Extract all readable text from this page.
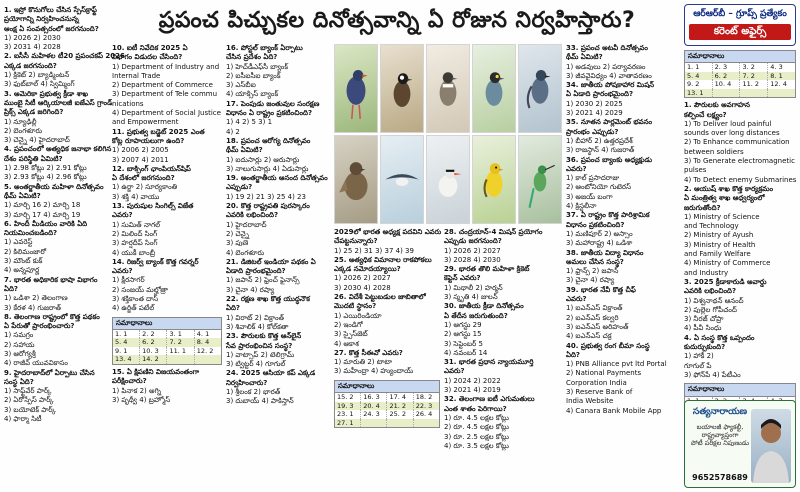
ప్రపంచ పిచ్చుకల దినోత్సవాన్ని ఏ రోజున నిర్వహిస్తారు?	ఆర్‌ఆర్‌బీ – గ్రూప్స్ ప్రత్యేకం
కరెంట్ అఫైర్స్

1. ఇస్రో కొనుగోలు చేసిన స్పేస్‌క్రాఫ్ట్

ప్రయోగాన్ని నిర్వహించనున్న

ఆంక్ష ఏ సంవత్సరంలో జరగనుంది?

1) 2026 2) 2030

3) 2031 4) 2028

2. ఐసీసీ మహిళల టీ20 ప్రపంచకప్ 2026

ఎక్కడ జరగనుంది?

1) క్రికెట్ 2) బ్యాడ్మింటన్

3) ఫుట్‌బాల్ 4) స్విమ్మింగ్

3. అమెరికా ప్రభుత్వ క్రీడా శాఖ

ముంబై సిటీ ఆర్కియాలజీ ఐజేఎస్ గ్రాండ్

ప్రిక్స్ ఎక్కడ జరిగింది?

1) న్యూఢిల్లీ

2) బెంగళూరు

3) చెన్నై 4) హైదరాబాద్

4. ప్రపంచంలో అత్యధిక జనాభా కలిగిన

దేశం పరిస్థితి ఏమిటి?

1) 2.98 కోట్లు 2) 2.91 కోట్లు

3) 2.93 కోట్లు 4) 2.96 కోట్లు

5. అంతర్జాతీయ మహిళా దినోత్సవం

థీమ్ ఏమిటి?

1) మార్చి 16 2) మార్చి 18

3) మార్చి 17 4) మార్చి 19

6. హిందీ మీడియం వారికి ఏది

నియమించబడింది?

1) ఎవరెస్ట్

2) కిలిమంజారో

3) మౌంట్ కుక్

4) అన్నపూర్ణ

7. భారత అధికారిక భాషా విభాగం

ఏది?

1) ఒడిశా 2) తెలంగాణ

3) కేరళ 4) గుజరాత్

8. తెలంగాణ రాష్ట్రంలో కొత్త పథకం

ఏ పేరుతో ప్రారంభించారు?

1) సమగ్రం

2) సహాయ

3) ఆరోగ్యశ్రీ

4) రాజీవ్ యువవికాసం

9. హైదరాబాద్‌లో ఏర్పాటు చేసిన

సంస్థ ఏది?

1) సాఫ్ట్‌వేర్ పార్క్

2) ఏరోస్పేస్ పార్క్

3) బయోటెక్ పార్క్

4) ఫార్మా సిటీ

10. ఐటీ నివేదిక 2025 ఏ

విభాగం విడుదల చేసింది?

1) Department of Industry and

Internal Trade

2) Department of Commerce

3) Department of Tele commu

nications

4) Department of Social Justice

and Empowerment

11. ప్రభుత్వ బడ్జెట్ 2025 ఎంత

కోట్ల రూపాయలుగా ఉంది?

1) 2006 2) 2005

3) 2007 4) 2011

12. బాక్సింగ్ ఛాంపియన్‌షిప్

ఏ దేశంలో జరగనుంది?

1) ఉర్జా 2) సూర్యకాంతి

3) శక్తి 4) వాయు

13. పురుషుల సింగిల్స్ విజేత

ఎవరు?

1) సుమిత్ నాగల్

2) మిలింద్ సింగ్

3) హర్షదీప్ సింగ్

4) యుకీ బాంబ్రీ

14. రిజర్వ్ బ్యాంక్ కొత్త గవర్నర్

ఎవరు?

1) క్షీరసాగర్

2) సంజయ్ మల్హోత్రా

3) శక్తికాంత దాస్

4) ఉర్జిత్ పటేల్

సమాధానాలు
1. 1	2. 2	3. 1	4. 1
5. 4	6. 2	7. 2	8. 4
9. 1	10. 3	11. 1	12. 2
13. 4	14. 2		

15. ఏ క్షిపణిని విజయవంతంగా

పరీక్షించారు?

1) పినాక 2) అగ్ని

3) పృథ్వీ 4) బ్రహ్మోస్

16. పోస్టల్ బ్యాంక్ ఏర్పాటు

చేసిన ప్రదేశం ఏది?

1) హెచ్‌డీఎఫ్‌సీ బ్యాంక్

2) ఐసీఐసీఐ బ్యాంక్

3) ఎస్‌బీఐ

4) యాక్సిస్ బ్యాంక్

17. పెంపుడు జంతువుల సంరక్షణ

విధానం ఏ రాష్ట్రం ప్రకటించింది?

1) 4 2) 5 3) 1

4) 2

18. ప్రపంచ ఆరోగ్య దినోత్సవం

థీమ్ ఏమిటి?

1) ఐదుసార్లు 2) ఆరుసార్లు

3) నాలుగుసార్లు 4) ఏడుసార్లు

19. అంతర్జాతీయ ఆనంద దినోత్సవం

ఎప్పుడు?

1) 19 2) 21 3) 25 4) 23

20. కొత్త రాష్ట్రపతి పురస్కారం

ఎవరికి లభించింది?

1) హైదరాబాద్

2) చెన్నై

3) పుణె

4) బెంగళూరు

21. డిజిటల్ ఇండియా పథకం ఏ

ఏడాది ప్రారంభమైంది?

1) జపాన్ 2) ఫ్రెంచ్ ఫైనాన్స్

3) చైనా 4) రష్యా

22. రక్షణ శాఖ కొత్త యుద్ధనౌక

ఏది?

1) విరాట్ 2) విక్రాంత్

3) శివాలిక్ 4) కోల్‌కతా

23. పౌరులకు కొత్త ఆన్‌లైన్

సేవ ప్రారంభించిన సంస్థ?

1) వాట్సాప్ 2) టెలిగ్రామ్

3) ట్విట్టర్ 4) గూగుల్

24. 2025 ఆసియా కప్ ఎక్కడ

నిర్వహించారు?

1) శ్రీలంక 2) భారత్

3) దుబాయ్ 4) పాకిస్తాన్

2029లో భారత అధ్యక్ష పదవిని ఎవరు

చేపట్టనున్నారు?

1) 25 2) 31 3) 37 4) 39

25. అత్యధిక విమానాల రాకపోకలు

ఎక్కడ నమోదయ్యాయి?

1) 2026 2) 2027

3) 2030 4) 2028

26. విదేశీ పెట్టుబడుల జాబితాలో

మొదటి స్థానం?

1) ఎయిరిండియా

2) ఇండిగో

3) స్పైస్‌జెట్

4) ఆకాశ

27. కొత్త సీఈవో ఎవరు?

1) మారుతి 2) టాటా

3) మహీంద్రా 4) హ్యుందాయ్

సమాధానాలు
15. 2	16. 3	17. 4	18. 2
19. 3	20. 4	21. 2	22. 3
23. 1	24. 3	25. 2	26. 4
27. 1			

28. చంద్రయాన్-4 మిషన్ ప్రయోగం

ఎప్పుడు జరగనుంది?

1) 2026 2) 2027

3) 2028 4) 2030

29. భారత తొలి మహిళా క్రికెట్

కెప్టెన్ ఎవరు?

1) మిథాలీ 2) హర్మన్

3) స్మృతి 4) జులన్

30. జాతీయ క్రీడా దినోత్సవం

ఏ తేదీన జరుగుతుంది?

1) ఆగస్టు 29

2) ఆగస్టు 15

3) సెప్టెంబర్ 5

4) నవంబర్ 14

31. భారత ప్రధాన న్యాయమూర్తి

ఎవరు?

1) 2024 2) 2022

3) 2021 4) 2019

32. తెలంగాణ ఐటీ ఎగుమతులు

ఎంత శాతం పెరిగాయి?

1) రూ. 4.5 లక్షల కోట్లు

2) రూ. 4.5 లక్షల కోట్లు

3) రూ. 2.5 లక్షల కోట్లు

4) రూ. 3.5 లక్షల కోట్లు

33. ప్రపంచ అటవీ దినోత్సవం

థీమ్ ఏమిటి?

1) అడవులు 2) పర్యావరణం

3) జీవవైవిధ్యం 4) వాతావరణం

34. జాతీయ పోషకాహార మిషన్

ఏ ఏడాది ప్రారంభమైంది?

1) 2030 2) 2025

3) 2021 4) 2029

35. నూతన పార్లమెంట్ భవనం

ప్రారంభం ఎప్పుడు?

1) బీహార్ 2) ఉత్తరప్రదేశ్

3) రాజస్థాన్ 4) గుజరాత్

36. ప్రపంచ బ్యాంకు అధ్యక్షుడు

ఎవరు?

1) కాల్ ప్రసాదరాజు

2) ఆంటోనియో గుటెరస్

3) అజయ్ బంగా

4) క్రిస్టలీనా

37. ఏ రాష్ట్రం కొత్త పారిశ్రామిక

విధానం ప్రకటించింది?

1) మణిపూర్ 2) అస్సాం

3) మహారాష్ట్ర 4) ఒడిశా

38. జాతీయ విద్యా విధానం

అమలు చేసిన సంస్థ?

1) ఫ్రాన్స్ 2) జపాన్

3) చైనా 4) రష్యా

39. భారత నేవీ కొత్త చీఫ్

ఎవరు?

1) ఐఎన్ఎస్ విక్రాంత్

2) ఐఎన్ఎస్ కల్వరి

3) ఐఎన్ఎస్ అరిహంత్

4) ఐఎన్ఎస్ చక్ర

40. ప్రభుత్వ రంగ బీమా సంస్థ

ఏది?

1) PNB Alliance pvt ltd Portal

2) National Payments

Corporation India

3) Reserve Bank of

India Website

4) Canara Bank Mobile App

సమాధానాలు
1. 1	2. 3	3. 2	4. 3
5. 4	6. 2	7. 2	8. 1
9. 2	10. 4	11. 2	12. 4
13. 1			

1. పౌరులకు అవగాహన

కల్పించే లక్ష్యం?

1) To Deliver loud painful

sounds over long distances

2) To Enhance communication

between soldiers

3) To Generate electromagnetic

pulses

4) To Detect enemy Submarines

2. ఆయుష్ శాఖ కొత్త కార్యక్రమం

ఏ మంత్రిత్వ శాఖ ఆధ్వర్యంలో

జరుగుతోంది?

1) Ministry of Science

and Technology

2) Ministry of Ayush

3) Ministry of Health

and Family Welfare

4) Ministry of Commerce

and Industry

3. 2025 క్రీడాకారుడి అవార్డు

ఎవరికి లభించింది?

1) విశ్వనాథన్ ఆనంద్

2) పుల్లెల గోపీచంద్

3) నీరజ్ చోప్రా

4) పీవీ సింధు

4. ఏ సంస్థ కొత్త ఒప్పందం

కుదుర్చుకుంది?

1) హాకీ 2)

గూగుల్ పే

3) ఫోన్‌పే 4) పేటీఎం

సమాధానాలు

సత్యనారాయణ
బయాలజీ ఫ్యాకల్టీ,
రాష్ట్రవ్యాప్తంగా
పోటీ పరీక్షల నిపుణుడు
9652578689
